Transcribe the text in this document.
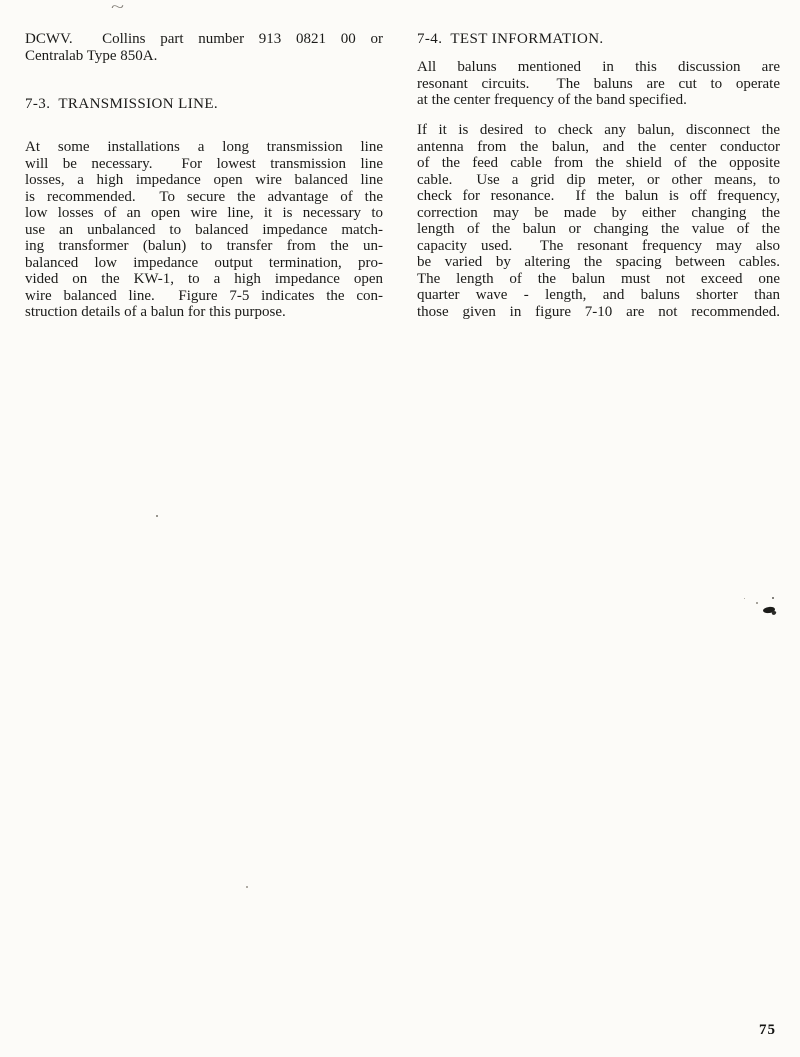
~
DCWV.  Collins part number 913 0821 00 or
Centralab Type 850A.
7-3.  TRANSMISSION LINE.
At some installations a long transmission line
will be necessary.  For lowest transmission line
losses, a high impedance open wire balanced line
is recommended.  To secure the advantage of the
low losses of an open wire line, it is necessary to
use an unbalanced to balanced impedance match-
ing transformer (balun) to transfer from the un-
balanced low impedance output termination, pro-
vided on the KW-1, to a high impedance open
wire balanced line.  Figure 7-5 indicates the con-
struction details of a balun for this purpose.
7-4.  TEST INFORMATION.
All baluns mentioned in this discussion are
resonant circuits.  The baluns are cut to operate
at the center frequency of the band specified.
If it is desired to check any balun, disconnect the
antenna from the balun, and the center conductor
of the feed cable from the shield of the opposite
cable.  Use a grid dip meter, or other means, to
check for resonance.  If the balun is off frequency,
correction may be made by either changing the
length of the balun or changing the value of the
capacity used.  The resonant frequency may also
be varied by altering the spacing between cables.
The length of the balun must not exceed one
quarter wave - length, and baluns shorter than
those given in figure 7-10 are not recommended.
75
